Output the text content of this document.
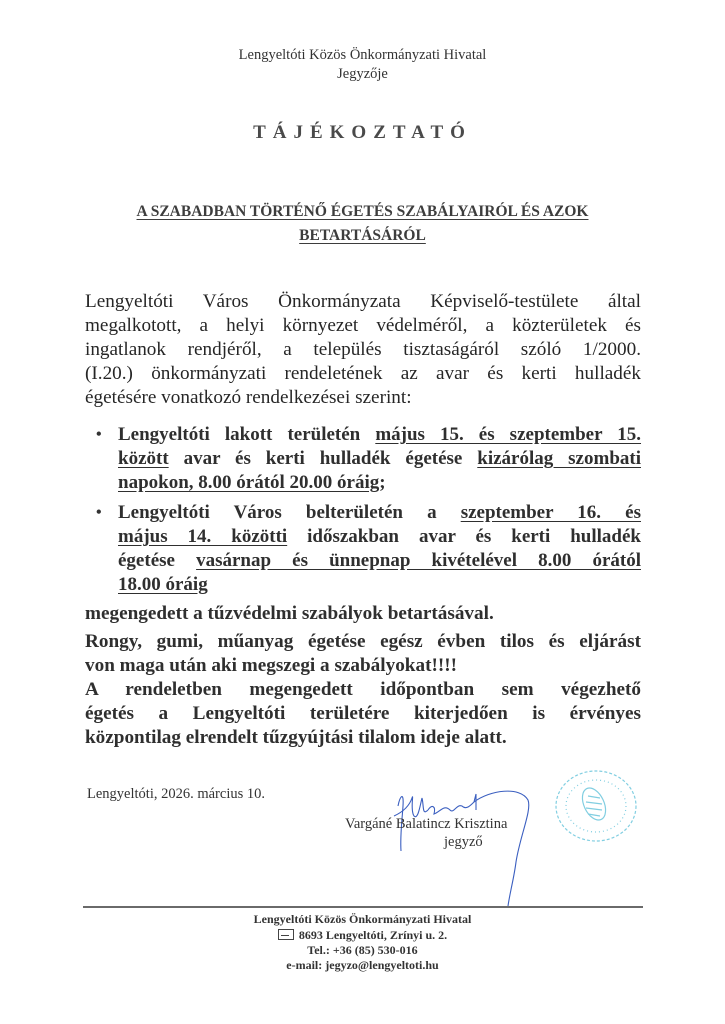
Lengyeltóti Közös Önkormányzati Hivatal
Jegyzője
TÁJÉKOZTATÓ
A SZABADBAN TÖRTÉNŐ ÉGETÉS SZABÁLYAIRÓL ÉS AZOK
BETARTÁSÁRÓL
Lengyeltóti Város Önkormányzata Képviselő-testülete által
megalkotott, a helyi környezet védelméről, a közterületek és
ingatlanok rendjéről, a település tisztaságáról szóló 1/2000.
(I.20.) önkormányzati rendeletének az avar és kerti hulladék
égetésére vonatkozó rendelkezései szerint:
• Lengyeltóti lakott területén május 15. és szeptember 15.
között avar és kerti hulladék égetése kizárólag szombati
napokon, 8.00 órától 20.00 óráig;
• Lengyeltóti Város belterületén a szeptember 16. és
május 14. közötti időszakban avar és kerti hulladék
égetése vasárnap és ünnepnap kivételével 8.00 órától
18.00 óráig
megengedett a tűzvédelmi szabályok betartásával.
Rongy, gumi, műanyag égetése egész évben tilos és eljárást
von maga után aki megszegi a szabályokat!!!!
A rendeletben megengedett időpontban sem végezhető
égetés a Lengyeltóti területére kiterjedően is érvényes
központilag elrendelt tűzgyújtási tilalom ideje alatt.
Lengyeltóti, 2026. március 10.
Vargáné Balatincz Krisztina
jegyző
Lengyeltóti Közös Önkormányzati Hivatal
8693 Lengyeltóti, Zrínyi u. 2.
Tel.: +36 (85) 530-016
e-mail: jegyzo@lengyeltoti.hu
